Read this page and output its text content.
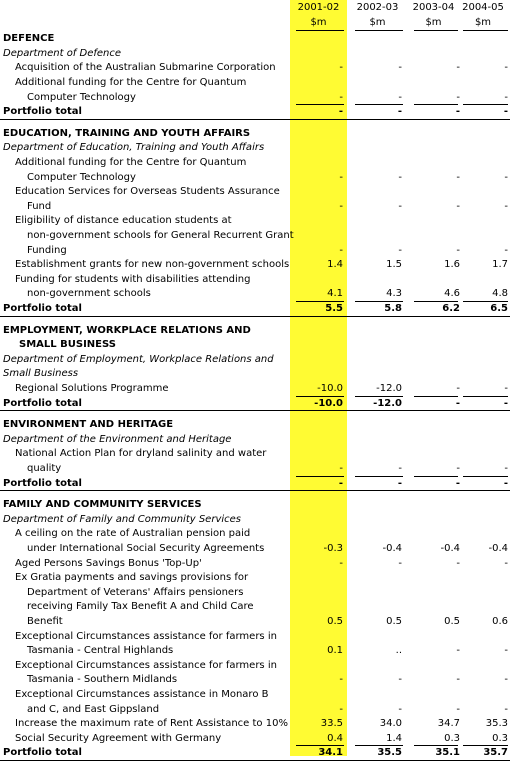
2001-02	2002-03	2003-04 2004-05
$m	$m	$m	$m
DEFENCE
Department of Defence
Acquisition of the Australian Submarine Corporation	-	-	-	-
Additional funding for the Centre for Quantum
Computer Technology	-	-	-	-
Portfolio total	-	-	-	-
EDUCATION, TRAINING AND YOUTH AFFAIRS
Department of Education, Training and Youth Affairs
Additional funding for the Centre for Quantum
Computer Technology	-	-	-	-
Education Services for Overseas Students Assurance
Fund	-	-	-	-
Eligibility of distance education students at
non-government schools for General Recurrent Grant
Funding	-	-	-	-
Establishment grants for new non-government schools	1.4	1.5	1.6	1.7
Funding for students with disabilities attending
non-government schools	4.1	4.3	4.6	4.8
Portfolio total	5.5	5.8	6.2	6.5
EMPLOYMENT, WORKPLACE RELATIONS AND
SMALL BUSINESS
Department of Employment, Workplace Relations and
Small Business
Regional Solutions Programme	-10.0	-12.0	-	-
Portfolio total	-10.0	-12.0	-	-
ENVIRONMENT AND HERITAGE
Department of the Environment and Heritage
National Action Plan for dryland salinity and water
quality	-	-	-	-
Portfolio total	-	-	-	-
FAMILY AND COMMUNITY SERVICES
Department of Family and Community Services
A ceiling on the rate of Australian pension paid
under International Social Security Agreements	-0.3	-0.4	-0.4	-0.4
Aged Persons Savings Bonus 'Top-Up'	-	-	-	-
Ex Gratia payments and savings provisions for
Department of Veterans' Affairs pensioners
receiving Family Tax Benefit A and Child Care
Benefit	0.5	0.5	0.5	0.6
Exceptional Circumstances assistance for farmers in
Tasmania - Central Highlands	0.1	..	-	-
Exceptional Circumstances assistance for farmers in
Tasmania - Southern Midlands	-	-	-	-
Exceptional Circumstances assistance in Monaro B
and C, and East Gippsland	-	-	-	-
Increase the maximum rate of Rent Assistance to 10%	33.5	34.0	34.7	35.3
Social Security Agreement with Germany	0.4	1.4	0.3	0.3
Portfolio total	34.1	35.5	35.1	35.7
